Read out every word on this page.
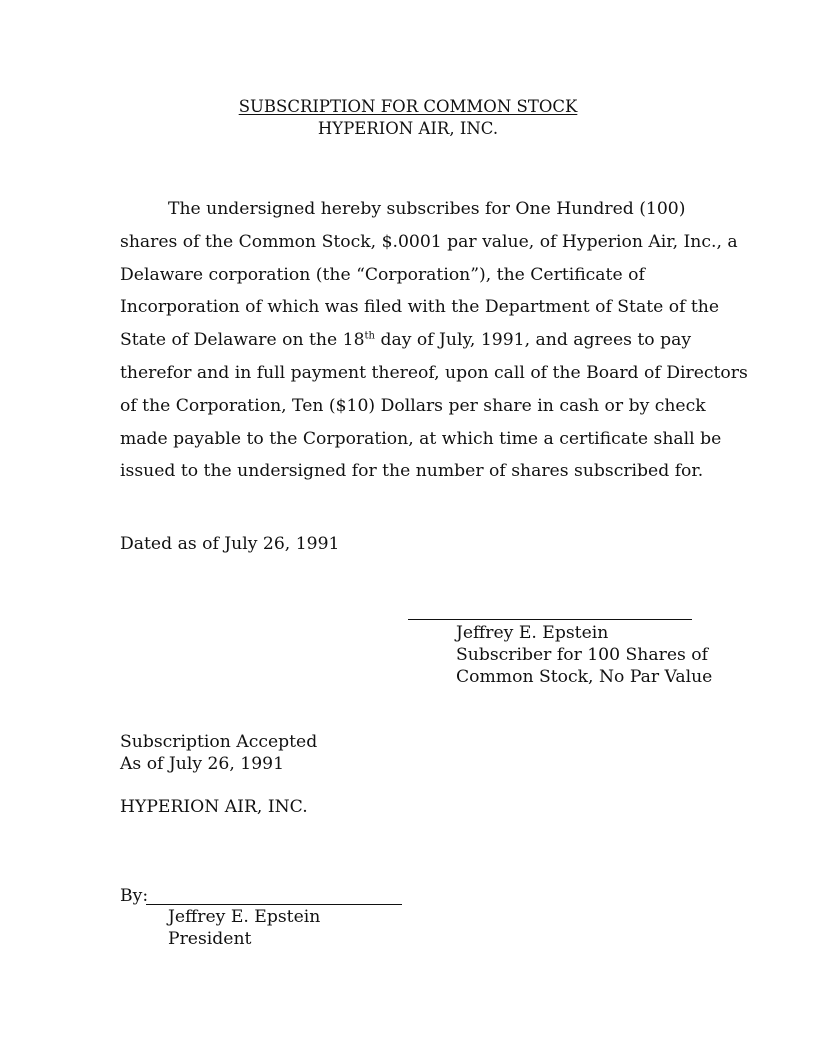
SUBSCRIPTION FOR COMMON STOCK
HYPERION AIR, INC.
The undersigned hereby subscribes for One Hundred (100)
shares of the Common Stock, $.0001 par value, of Hyperion Air, Inc., a
Delaware corporation (the “Corporation”), the Certificate of
Incorporation of which was filed with the Department of State of the
State of Delaware on the 18th day of July, 1991, and agrees to pay
therefor and in full payment thereof, upon call of the Board of Directors
of the Corporation, Ten ($10) Dollars per share in cash or by check
made payable to the Corporation, at which time a certificate shall be
issued to the undersigned for the number of shares subscribed for.
Dated as of July 26, 1991
Jeffrey E. Epstein
Subscriber for 100 Shares of
Common Stock, No Par Value
Subscription Accepted
As of July 26, 1991
HYPERION AIR, INC.
By:
Jeffrey E. Epstein
President
